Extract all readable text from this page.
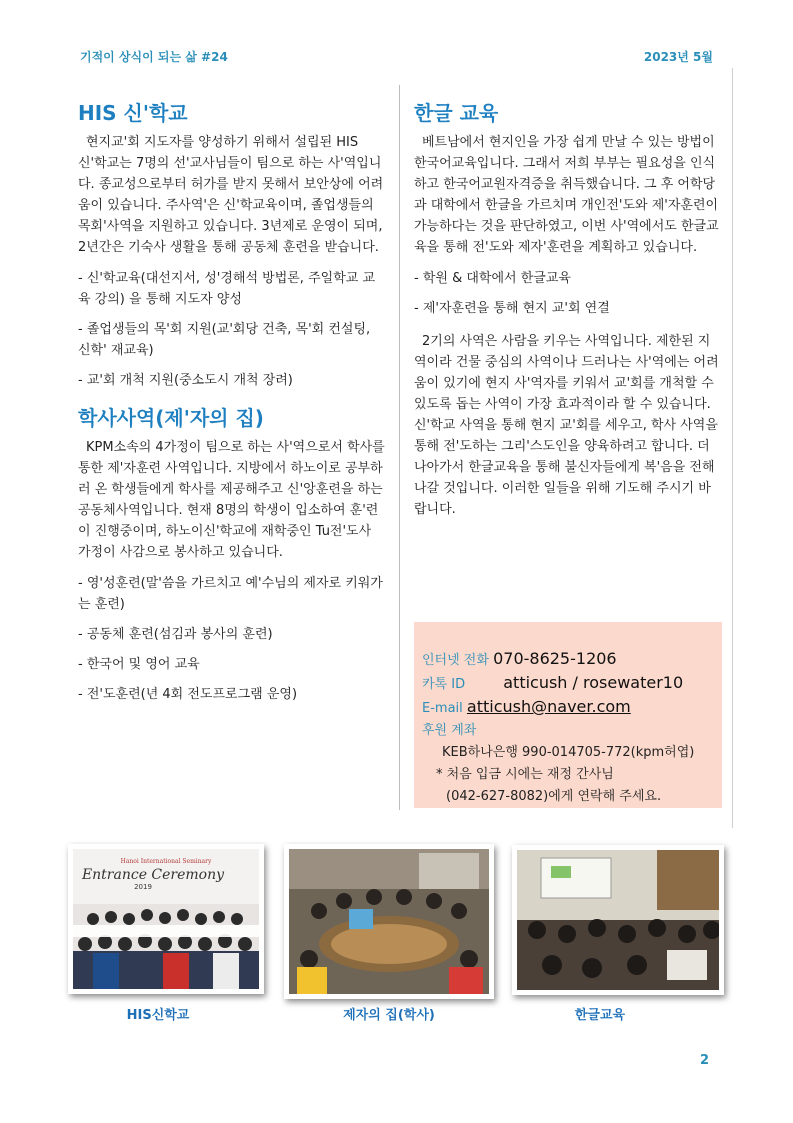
기적이 상식이 되는 삶 #24	2023년 5월
HIS 신'학교

현지교'회 지도자를 양성하기 위해서 설립된 HIS 신'학교는 7명의 선'교사님들이 팀으로 하는 사'역입니다. 종교성으로부터 허가를 받지 못해서 보안상에 어려움이 있습니다. 주사역'은 신'학교육이며, 졸업생들의 목회'사역을 지원하고 있습니다. 3년제로 운영이 되며, 2년간은 기숙사 생활을 통해 공동체 훈련을 받습니다.

- 신'학교육(대선지서, 성'경해석 방법론, 주일학교 교육 강의) 을 통해 지도자 양성
- 졸업생들의 목'회 지원(교'회당 건축, 목'회 컨설팅, 신학' 재교육)
- 교'회 개척 지원(중소도시 개척 장려)
학사사역(제'자의 집)

KPM소속의 4가정이 팀으로 하는 사'역으로서 학사를 통한 제'자훈련 사역입니다. 지방에서 하노이로 공부하러 온 학생들에게 학사를 제공해주고 신'앙훈련을 하는 공동체사역입니다. 현재 8명의 학생이 입소하여 훈'련이 진행중이며, 하노이신'학교에 재학중인 Tu전'도사 가정이 사감으로 봉사하고 있습니다.

- 영'성훈련(말'씀을 가르치고 예'수님의 제자로 키워가는 훈련)
- 공동체 훈련(섬김과 봉사의 훈련)
- 한국어 및 영어 교육
- 전'도훈련(년 4회 전도프로그램 운영)
한글 교육

베트남에서 현지인을 가장 쉽게 만날 수 있는 방법이 한국어교육입니다. 그래서 저희 부부는 필요성을 인식하고 한국어교원자격증을 취득했습니다. 그 후 어학당과 대학에서 한글을 가르치며 개인전'도와 제'자훈련이 가능하다는 것을 판단하였고, 이번 사'역에서도 한글교육을 통해 전'도와 제자'훈련을 계획하고 있습니다.

- 학원 & 대학에서 한글교육
- 제'자훈련을 통해 현지 교'회 연결

2기의 사역은 사람을 키우는 사역입니다. 제한된 지역이라 건물 중심의 사역이나 드러나는 사'역에는 어려움이 있기에 현지 사'역자를 키워서 교'회를 개척할 수 있도록 돕는 사역이 가장 효과적이라 할 수 있습니다. 신'학교 사역을 통해 현지 교'회를 세우고, 학사 사역을 통해 전'도하는 그리'스도인을 양육하려고 합니다. 더 나아가서 한글교육을 통해 불신자들에게 복'음을 전해 나갈 것입니다. 이러한 일들을 위해 기도해 주시기 바랍니다.

인터넷 전화 070-8625-1206
카톡 ID atticush / rosewater10
E-mail atticush@naver.com
후원 계좌
KEB하나은행 990-014705-772(kpm허엽)
* 처음 입금 시에는 재정 간사님
(042-627-8082)에게 연락해 주세요.
Hanoi International Seminary
Entrance Ceremony
2019
HIS신학교	제자의 집(학사)	한글교육
2
